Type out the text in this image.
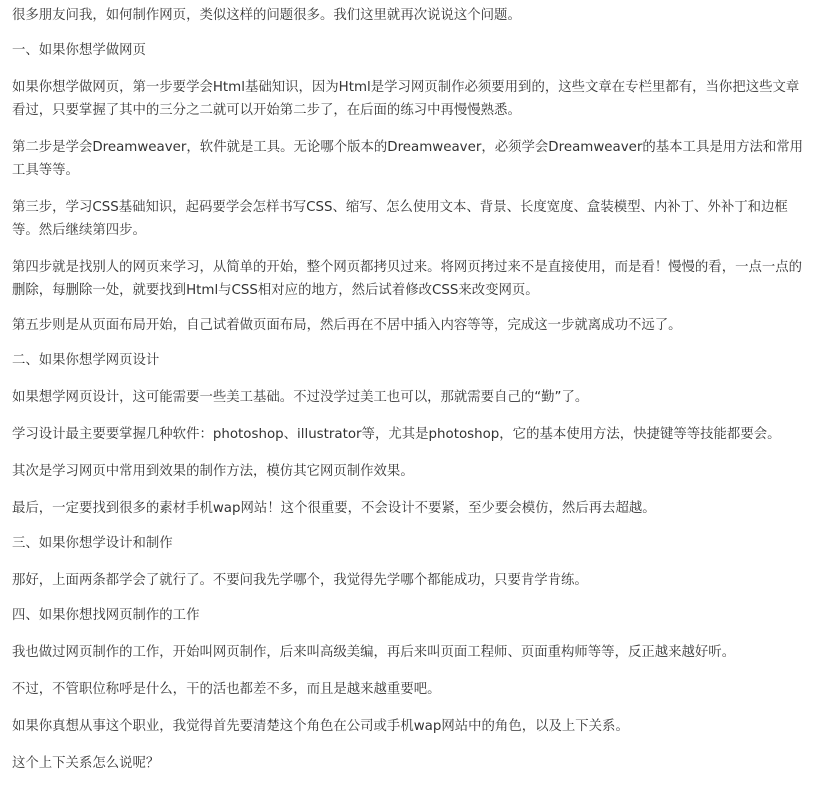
很多朋友问我，如何制作网页，类似这样的问题很多。我们这里就再次说说这个问题。

一、如果你想学做网页

如果你想学做网页，第一步要学会Html基础知识，因为Html是学习网页制作必须要用到的，这些文章在专栏里都有，当你把这些文章看过，只要掌握了其中的三分之二就可以开始第二步了，在后面的练习中再慢慢熟悉。

第二步是学会Dreamweaver，软件就是工具。无论哪个版本的Dreamweaver，必须学会Dreamweaver的基本工具是用方法和常用工具等等。

第三步，学习CSS基础知识，起码要学会怎样书写CSS、缩写、怎么使用文本、背景、长度宽度、盒装模型、内补丁、外补丁和边框等。然后继续第四步。

第四步就是找别人的网页来学习，从简单的开始，整个网页都拷贝过来。将网页拷过来不是直接使用，而是看！慢慢的看，一点一点的删除，每删除一处，就要找到Html与CSS相对应的地方，然后试着修改CSS来改变网页。

第五步则是从页面布局开始，自己试着做页面布局，然后再在不居中插入内容等等，完成这一步就离成功不远了。

二、如果你想学网页设计

如果想学网页设计，这可能需要一些美工基础。不过没学过美工也可以，那就需要自己的“勤”了。

学习设计最主要要掌握几种软件：photoshop、illustrator等，尤其是photoshop，它的基本使用方法，快捷键等等技能都要会。

其次是学习网页中常用到效果的制作方法，模仿其它网页制作效果。

最后，一定要找到很多的素材手机wap网站！这个很重要，不会设计不要紧，至少要会模仿，然后再去超越。

三、如果你想学设计和制作

那好，上面两条都学会了就行了。不要问我先学哪个，我觉得先学哪个都能成功，只要肯学肯练。

四、如果你想找网页制作的工作

我也做过网页制作的工作，开始叫网页制作，后来叫高级美编，再后来叫页面工程师、页面重构师等等，反正越来越好听。

不过，不管职位称呼是什么，干的活也都差不多，而且是越来越重要吧。

如果你真想从事这个职业，我觉得首先要清楚这个角色在公司或手机wap网站中的角色，以及上下关系。

这个上下关系怎么说呢？
